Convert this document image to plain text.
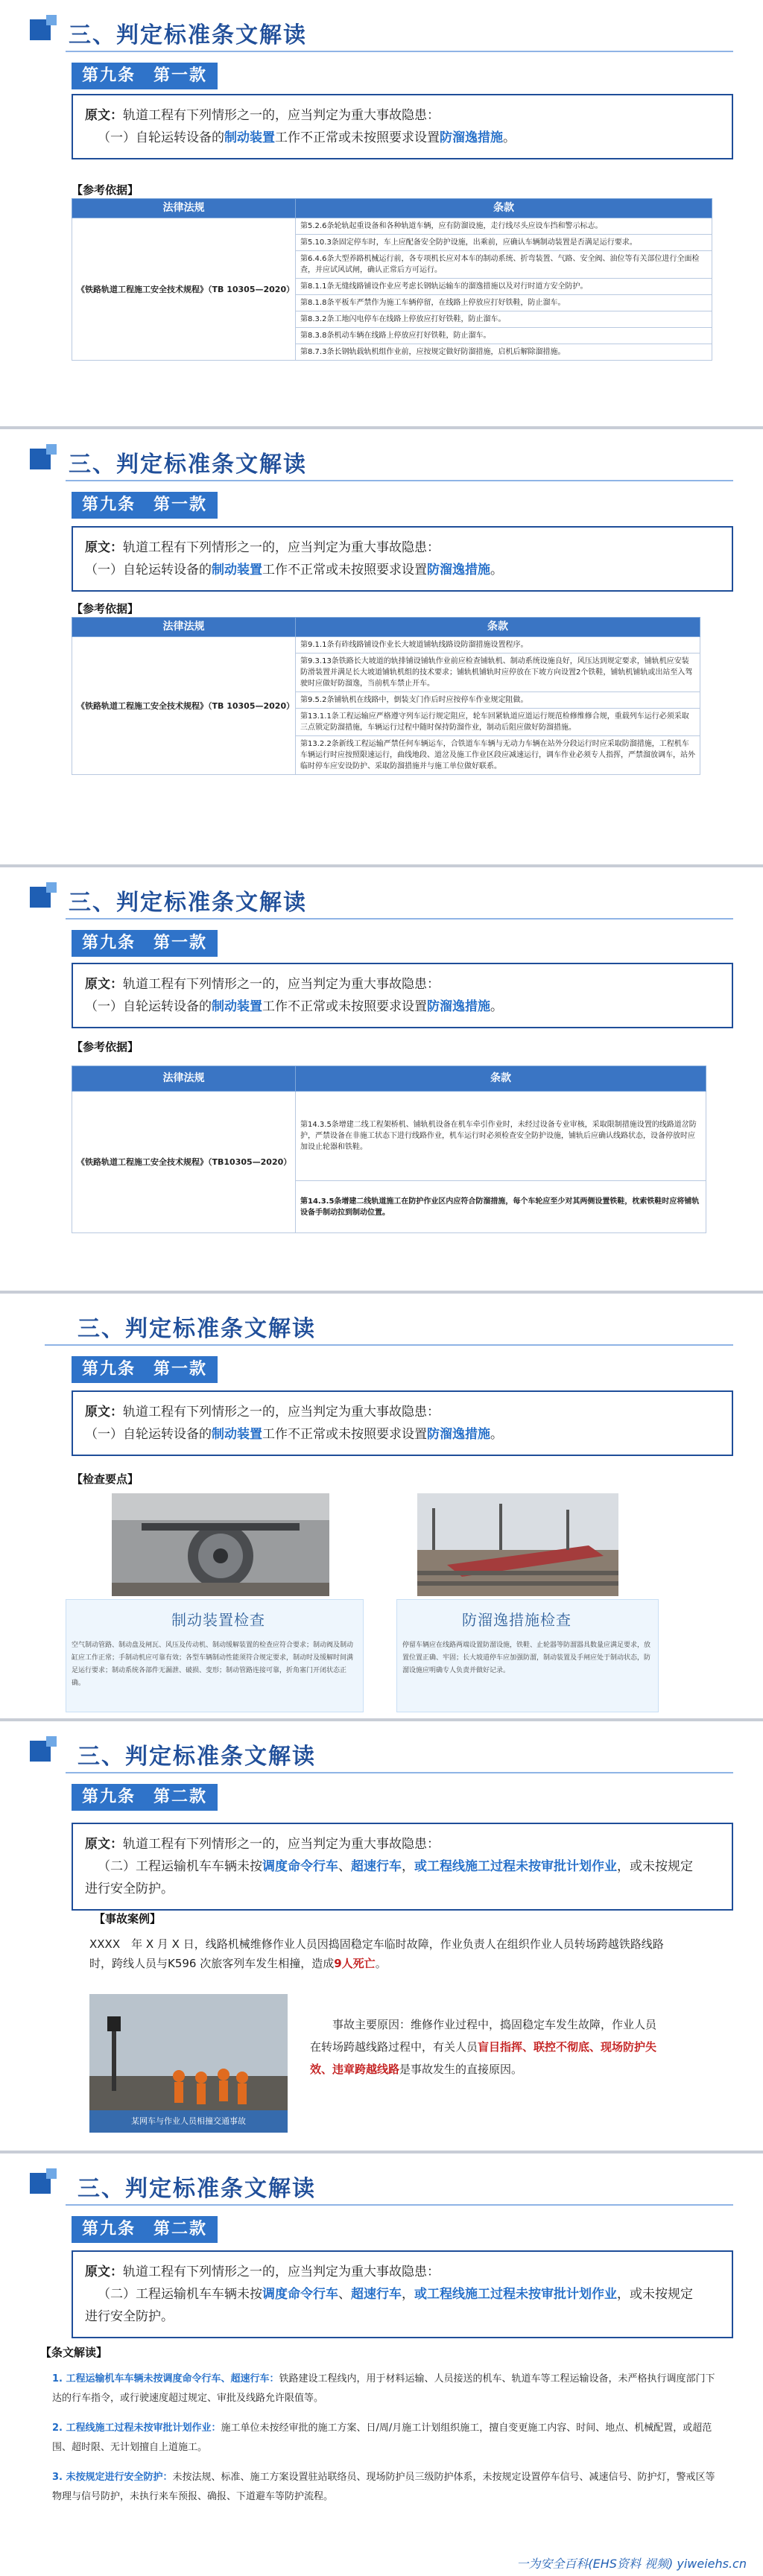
三、判定标准条文解读
第九条　第一款
原文：轨道工程有下列情形之一的，应当判定为重大事故隐患：
 （一）自轮运转设备的制动装置工作不正常或未按照要求设置防溜逸措施。
【参考依据】
法律法规	条款
《铁路轨道工程施工安全技术规程》（TB 10305—2020）	第5.2.6条轮轨起重设备和各种轨道车辆，应有防溜设施，走行线尽头应设车挡和警示标志。
	第5.10.3条固定停车时，车上应配备安全防护设施，出乘前，应确认车辆制动装置是否满足运行要求。
	第6.4.6条大型养路机械运行前，各专项机长应对本车的制动系统、折弯装置、气路、安全阀、油位等有关部位进行全面检查，并应试风试闸，确认正常后方可运行。
	第8.1.1条无缝线路铺设作业应考虑长钢轨运输车的溜逸措施以及对行时道方安全防护。
	第8.1.8条平板车严禁作为施工车辆停留，在线路上停放应打好铁鞋，防止溜车。
	第8.3.2条工地闪电停车在线路上停放应打好铁鞋，防止溜车。
	第8.3.8条机动车辆在线路上停放应打好铁鞋，防止溜车。
	第8.7.3条长钢轨载轨机组作业前，应按规定做好防溜措施，启机后解除溜措施。
三、判定标准条文解读
第九条　第一款
原文：轨道工程有下列情形之一的，应当判定为重大事故隐患：
（一）自轮运转设备的制动装置工作不正常或未按照要求设置防溜逸措施。
【参考依据】
法律法规	条款
《铁路轨道工程施工安全技术规程》（TB 10305—2020）	第9.1.1条有砟线路铺设作业长大坡道铺轨线路设防溜措施设置程序。
	第9.3.13条铁路长大坡道的轨排铺设铺轨作业前应检查铺轨机、制动系统设施良好，风压达到规定要求，铺轨机应安装防滑装置并满足长大坡道铺轨机组的技术要求；铺轨机铺轨时应停放在下坡方向设置2个铁鞋，铺轨机铺轨或出站至入驾驶时应做好防溜逸，当前机车禁止开车。
	第9.5.2条铺轨机在线路中，倒装支门作后时应按停车作业规定阻做。
	第13.1.1条工程运输应严格遵守列车运行规定阻应，轮车回紧轨道应道运行规范检修维修合规，重载列车运行必须采取三点锁定防溜措施，车辆运行过程中随时保持防溜作业，制动后阻应做好防溜措施。
	第13.2.2条新线工程运输严禁任何车辆运车，合铁道车车辆与无动力车辆在站外分段运行时应采取防溜措施，工程机车车辆运行时应按照限速运行，曲线地段、道岔及施工作业区段应减速运行，调车作业必须专人指挥，严禁溜放调车，站外临时停车应安设防护、采取防溜措施并与施工单位做好联系。
三、判定标准条文解读
第九条　第一款
原文：轨道工程有下列情形之一的，应当判定为重大事故隐患：
（一）自轮运转设备的制动装置工作不正常或未按照要求设置防溜逸措施。
【参考依据】
法律法规	条款
《铁路轨道工程施工安全技术规程》（TB10305—2020）	第14.3.5条增建二线工程架桥机、铺轨机设备在机车牵引作业时，未经过设备专业审核，采取限制措施设置的线路道岔防护，严禁设备在非施工状态下进行线路作业，机车运行时必须检查安全防护设施，铺轨后应确认线路状态，设备停放时应加设止轮器和铁鞋。
	第14.3.5条增建二线轨道施工在防护作业区内应符合防溜措施，每个车轮应至少对其两侧设置铁鞋，枕索铁鞋时应将铺轨设备手制动拉到制动位置。
三、判定标准条文解读
第九条　第一款
原文：轨道工程有下列情形之一的，应当判定为重大事故隐患：
（一）自轮运转设备的制动装置工作不正常或未按照要求设置防溜逸措施。
【检查要点】
制动装置检查
空气制动管路、制动盘及闸瓦、风压及传动机、制动缓解装置的检查应符合要求；制动阀及制动缸应工作正常；手制动机应可靠有效；各型车辆制动性能须符合规定要求，制动时及缓解时间满足运行要求；制动系统各部件无漏泄、破损、变形；制动管路连接可靠，折角塞门开闭状态正确。
防溜逸措施检查
停留车辆应在线路两端设置防溜设施，铁鞋、止轮器等防溜器具数量应满足要求，放置位置正确、牢固；长大坡道停车应加强防溜，制动装置及手闸应处于制动状态，防溜设施应明确专人负责并做好记录。
三、判定标准条文解读
第九条　第二款
原文：轨道工程有下列情形之一的，应当判定为重大事故隐患：
 （二）工程运输机车车辆未按调度命令行车、超速行车，或工程线施工过程未按审批计划作业，或未按规定
进行安全防护。
【事故案例】
XXXX　年 X 月 X 日，线路机械维修作业人员因捣固稳定车临时故障，作业负责人在组织作业人员转场跨越铁路线路时，跨线人员与K596 次旅客列车发生相撞，造成9人死亡。
某网车与作业人员相撞交通事故
事故主要原因：维修作业过程中，捣固稳定车发生故障，作业人员在转场跨越线路过程中，有关人员盲目指挥、联控不彻底、现场防护失效、违章跨越线路是事故发生的直接原因。
三、判定标准条文解读
第九条　第二款
原文：轨道工程有下列情形之一的，应当判定为重大事故隐患：
 （二）工程运输机车车辆未按调度命令行车、超速行车，或工程线施工过程未按审批计划作业，或未按规定
进行安全防护。
【条文解读】
1. 工程运输机车车辆未按调度命令行车、超速行车：铁路建设工程线内，用于材料运输、人员接送的机车、轨道车等工程运输设备，未严格执行调度部门下达的行车指令，或行驶速度超过规定、审批及线路允许限值等。
2. 工程线施工过程未按审批计划作业：施工单位未按经审批的施工方案、日/周/月施工计划组织施工，擅自变更施工内容、时间、地点、机械配置，或超范围、超时限、无计划擅自上道施工。
3. 未按规定进行安全防护：未按法规、标准、施工方案设置驻站联络员、现场防护员三级防护体系，未按规定设置停车信号、减速信号、防护灯，警戒区等物理与信号防护，未执行来车预报、确报、下道避车等防护流程。
一为安全百科(EHS资料 视频) yiweiehs.cn
